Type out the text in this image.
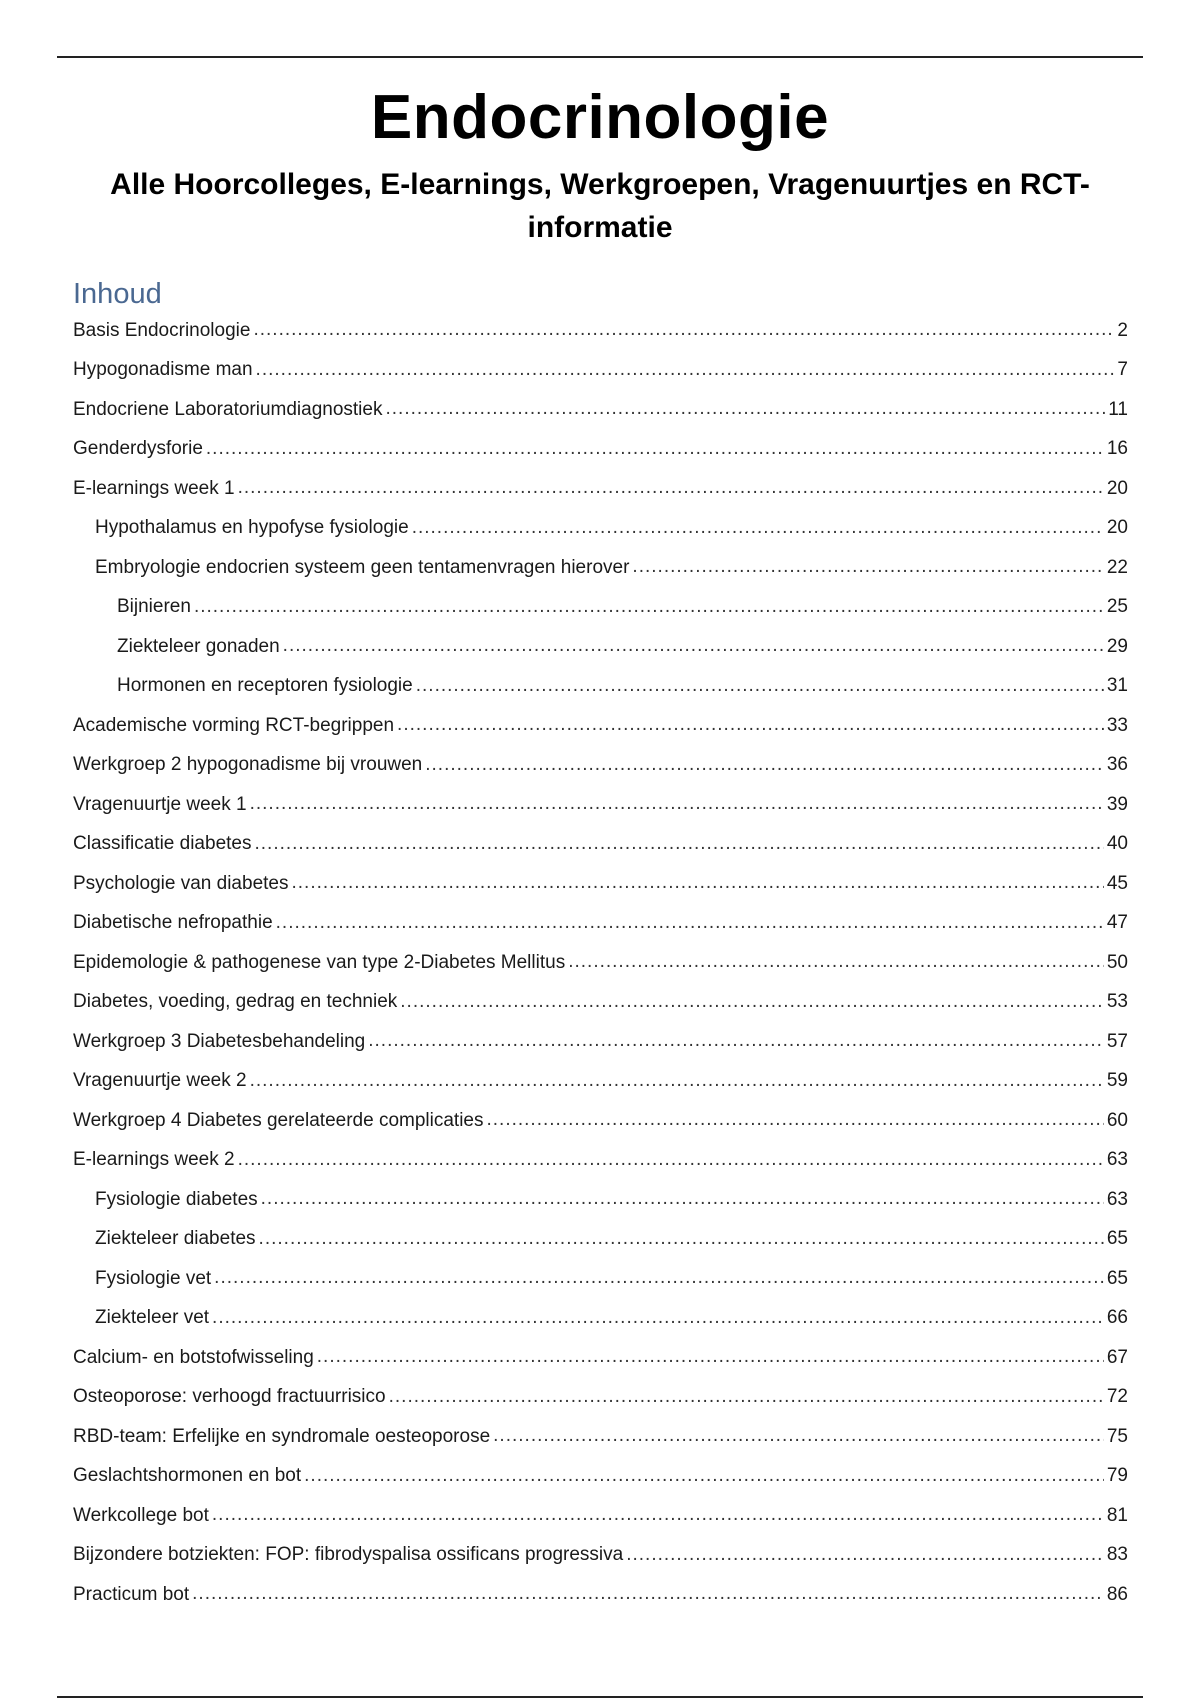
Endocrinologie
Alle Hoorcolleges, E-learnings, Werkgroepen, Vragenuurtjes en RCT-informatie
Inhoud
Basis Endocrinologie .....	2
Hypogonadisme man .....	7
Endocriene Laboratoriumdiagnostiek .....	11
Genderdysforie .....	16
E-learnings week 1 .....	20
Hypothalamus en hypofyse fysiologie .....	20
Embryologie endocrien systeem geen tentamenvragen hierover .....	22
Bijnieren .....	25
Ziekteleer gonaden .....	29
Hormonen en receptoren fysiologie .....	31
Academische vorming RCT-begrippen .....	33
Werkgroep 2 hypogonadisme bij vrouwen .....	36
Vragenuurtje week 1 .....	39
Classificatie diabetes .....	40
Psychologie van diabetes .....	45
Diabetische nefropathie .....	47
Epidemologie & pathogenese van type 2-Diabetes Mellitus .....	50
Diabetes, voeding, gedrag en techniek .....	53
Werkgroep 3 Diabetesbehandeling .....	57
Vragenuurtje week 2 .....	59
Werkgroep 4 Diabetes gerelateerde complicaties .....	60
E-learnings week 2 .....	63
Fysiologie diabetes .....	63
Ziekteleer diabetes .....	65
Fysiologie vet .....	65
Ziekteleer vet .....	66
Calcium- en botstofwisseling .....	67
Osteoporose: verhoogd fractuurrisico .....	72
RBD-team: Erfelijke en syndromale oesteoporose .....	75
Geslachtshormonen en bot .....	79
Werkcollege bot .....	81
Bijzondere botziekten: FOP: fibrodyspalisa ossificans progressiva .....	83
Practicum bot .....	86
